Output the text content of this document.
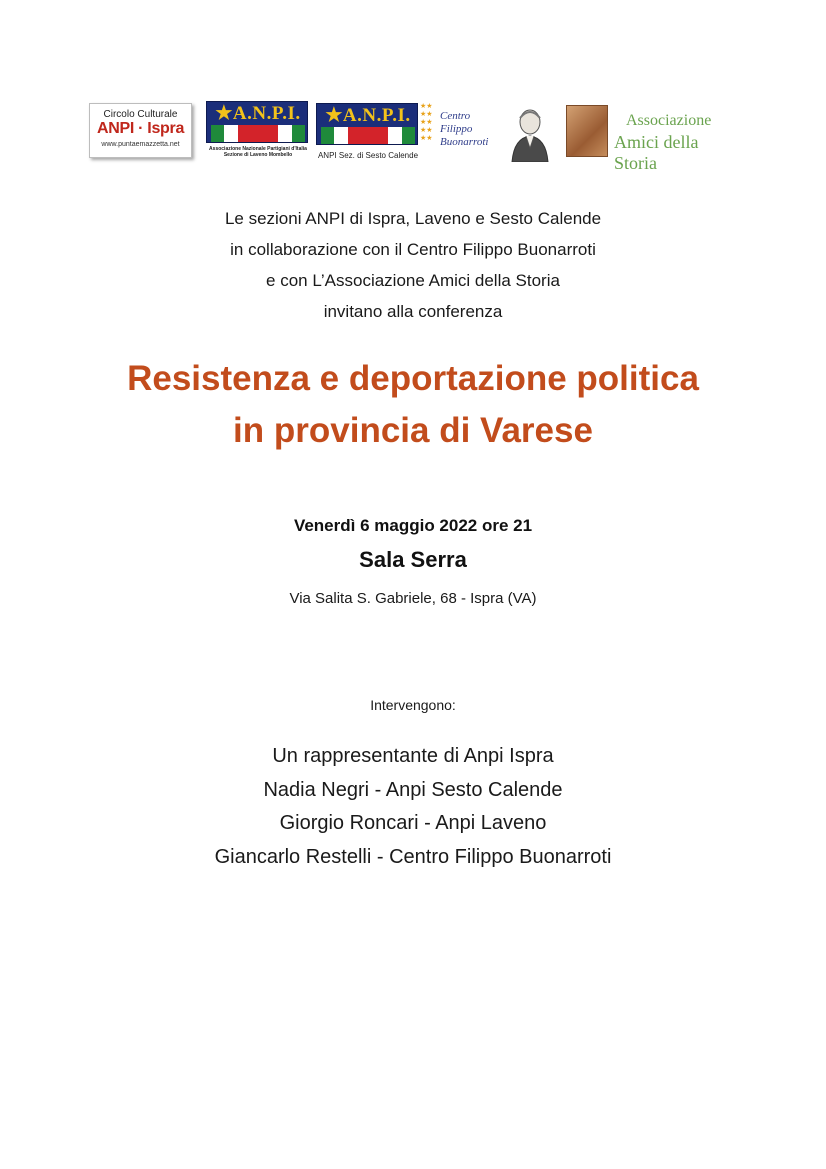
Circolo Culturale
ANPI · Ispra
www.puntaemazzetta.net
★A.N.P.I.
Associazione Nazionale Partigiani d'Italia
Sezione di Laveno Mombello
★A.N.P.I.	★★
★★
★★
★★
★★
ANPI Sez. di Sesto Calende
Centro
Filippo
Buonarroti
Associazione
Amici della Storia
Le sezioni ANPI di Ispra, Laveno e Sesto Calende
in collaborazione con il Centro Filippo Buonarroti
e con L’Associazione Amici della Storia
invitano alla conferenza
Resistenza e deportazione politica
in provincia di Varese
Venerdì 6 maggio 2022 ore 21
Sala Serra
Via Salita S. Gabriele, 68 - Ispra (VA)
Intervengono:
Un rappresentante di Anpi Ispra
Nadia Negri - Anpi Sesto Calende
Giorgio Roncari - Anpi Laveno
Giancarlo Restelli - Centro Filippo Buonarroti
